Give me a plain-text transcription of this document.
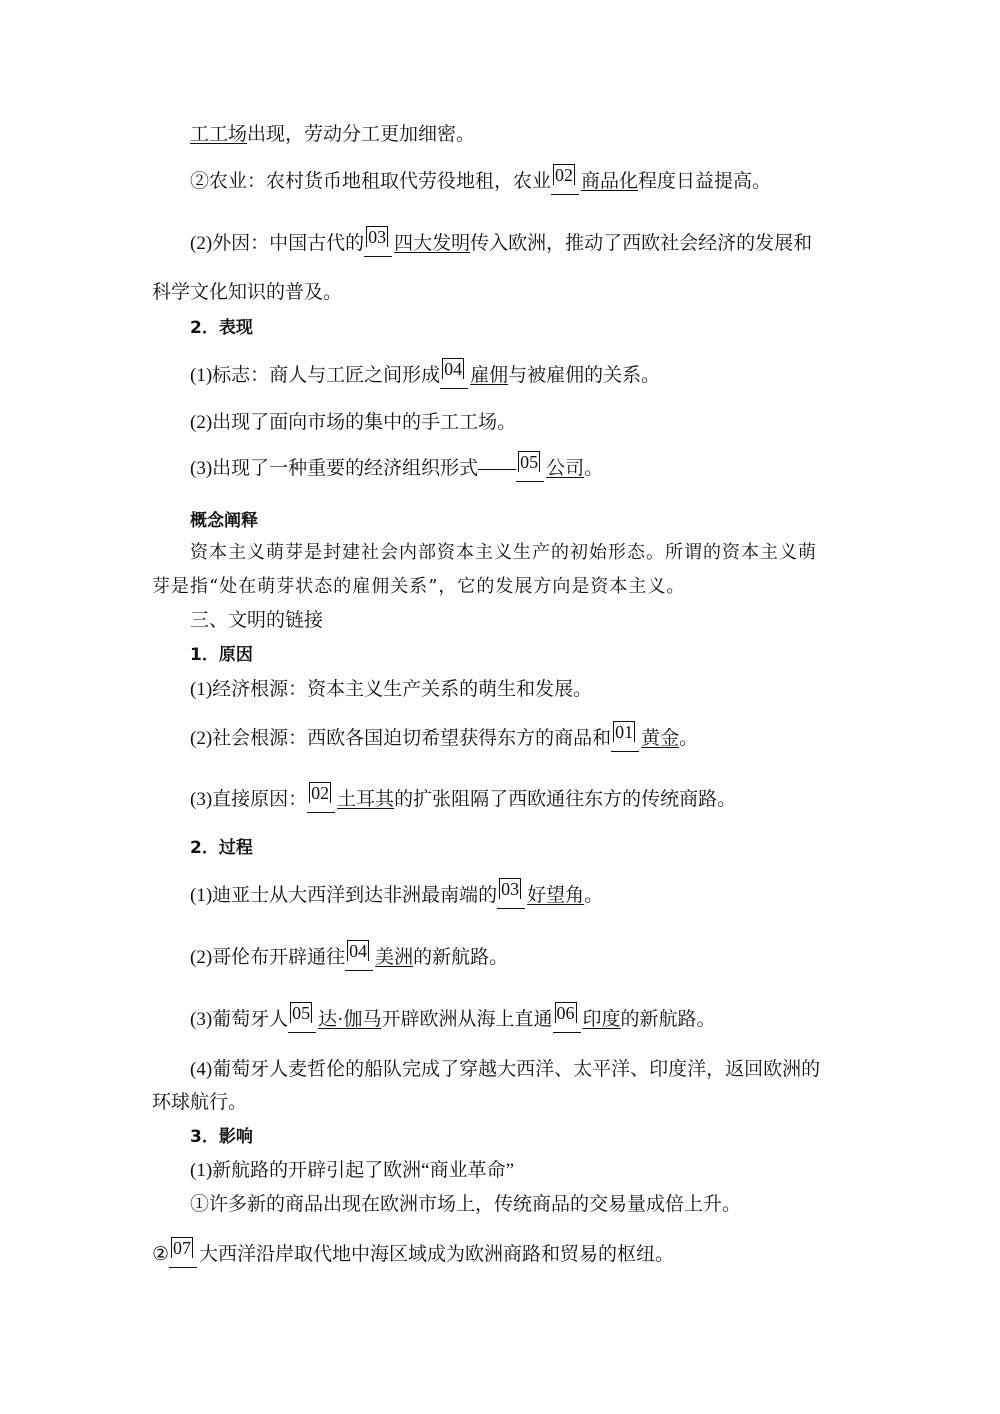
工工场出现，劳动分工更加细密。
②农业：农村货币地租取代劳役地租，农业 02 商品化程度日益提高。
(2)外因：中国古代的 03 四大发明传入欧洲，推动了西欧社会经济的发展和
科学文化知识的普及。
2．表现
(1)标志：商人与工匠之间形成 04 雇佣与被雇佣的关系。
(2)出现了面向市场的集中的手工工场。
(3)出现了一种重要的经济组织形式—— 05 公司。
概念阐释
资本主义萌芽是封建社会内部资本主义生产的初始形态。所谓的资本主义萌
芽是指“处在萌芽状态的雇佣关系”，它的发展方向是资本主义。
三、文明的链接
1．原因
(1)经济根源：资本主义生产关系的萌生和发展。
(2)社会根源：西欧各国迫切希望获得东方的商品和 01 黄金。
(3)直接原因： 02 土耳其的扩张阻隔了西欧通往东方的传统商路。
2．过程
(1)迪亚士从大西洋到达非洲最南端的 03 好望角。
(2)哥伦布开辟通往 04 美洲的新航路。
(3)葡萄牙人 05 达·伽马开辟欧洲从海上直通 06 印度的新航路。
(4)葡萄牙人麦哲伦的船队完成了穿越大西洋、太平洋、印度洋，返回欧洲的
环球航行。
3．影响
(1)新航路的开辟引起了欧洲“商业革命”
①许多新的商品出现在欧洲市场上，传统商品的交易量成倍上升。
② 07 大西洋沿岸取代地中海区域成为欧洲商路和贸易的枢纽。
